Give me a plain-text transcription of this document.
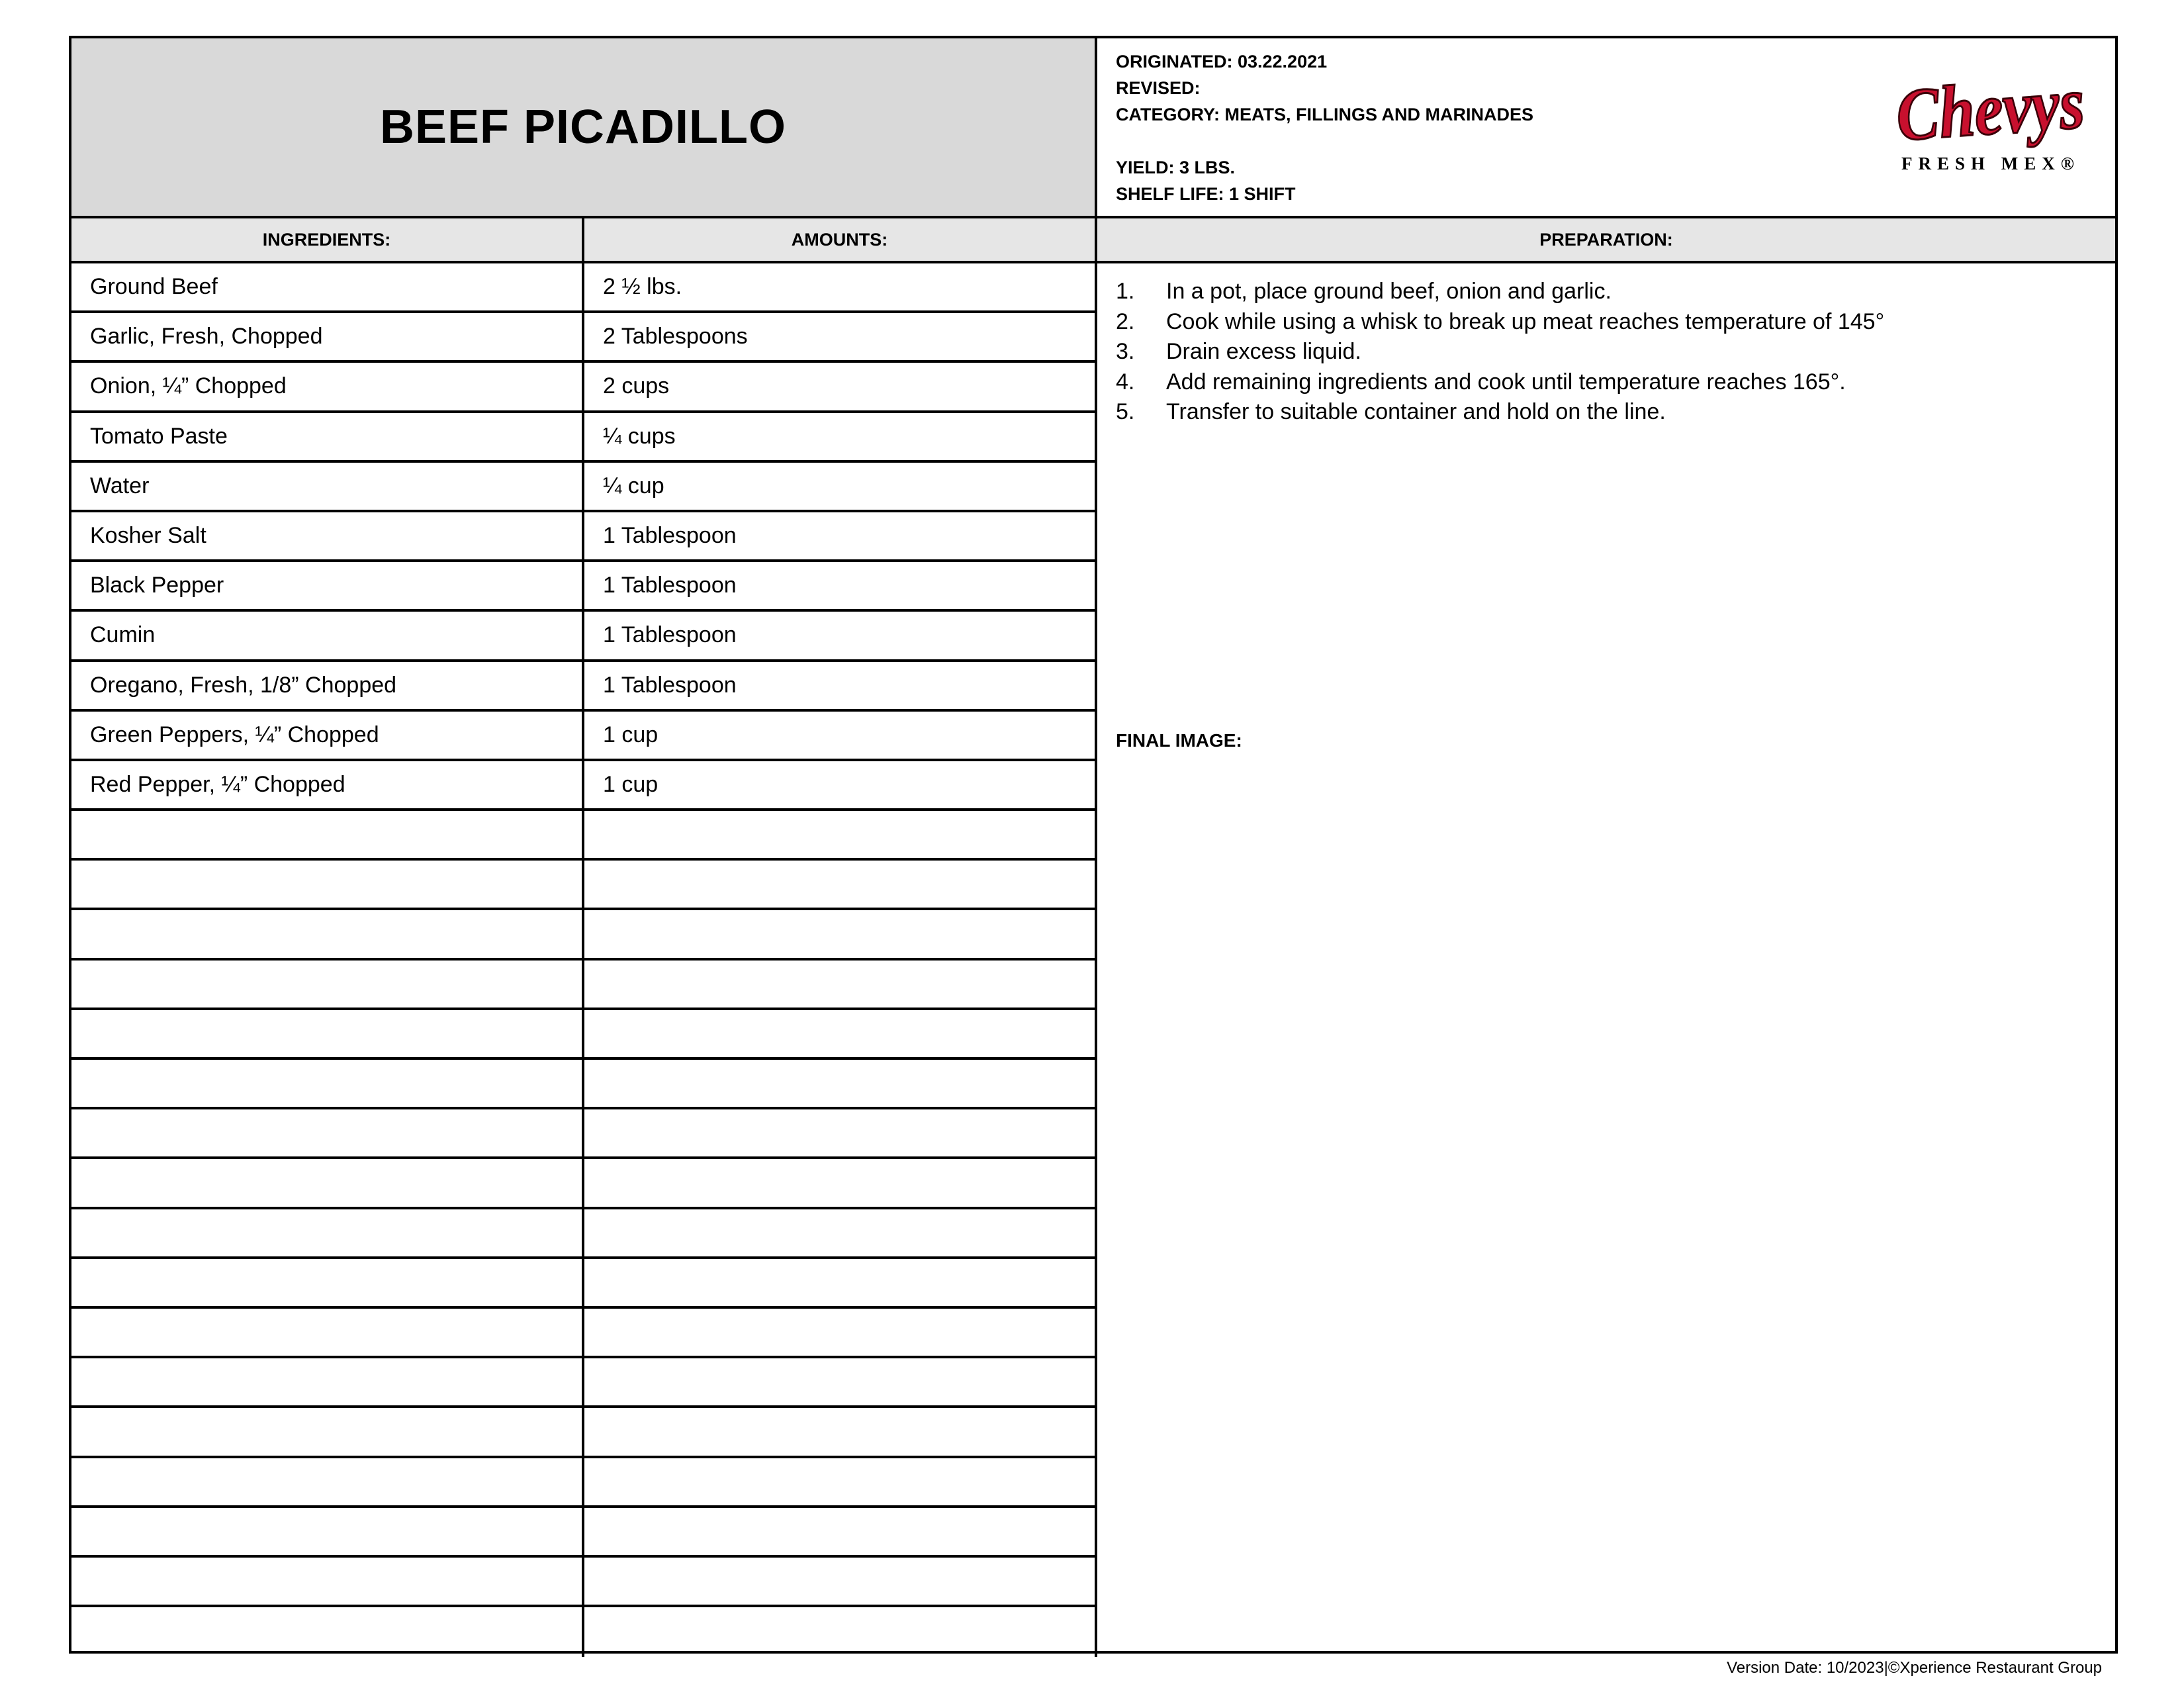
BEEF PICADILLO
ORIGINATED: 03.22.2021
REVISED:
CATEGORY: MEATS, FILLINGS AND MARINADES
YIELD: 3 LBS.
SHELF LIFE: 1 SHIFT
Chevys
FRESH MEX®
INGREDIENTS:	AMOUNTS:	PREPARATION:
Ground Beef	2 ½ lbs.
Garlic, Fresh, Chopped	2 Tablespoons
Onion, ¼” Chopped	2 cups
Tomato Paste	¼ cups
Water	¼ cup
Kosher Salt	1 Tablespoon
Black Pepper	1 Tablespoon
Cumin	1 Tablespoon
Oregano, Fresh, 1/8” Chopped	1 Tablespoon
Green Peppers, ¼” Chopped	1 cup
Red Pepper, ¼” Chopped	1 cup
1.	In a pot, place ground beef, onion and garlic.
2.	Cook while using a whisk to break up meat reaches temperature of 145°
3.	Drain excess liquid.
4.	Add remaining ingredients and cook until temperature reaches 165°.
5.	Transfer to suitable container and hold on the line.
FINAL IMAGE:
Version Date: 10/2023|©Xperience Restaurant Group
